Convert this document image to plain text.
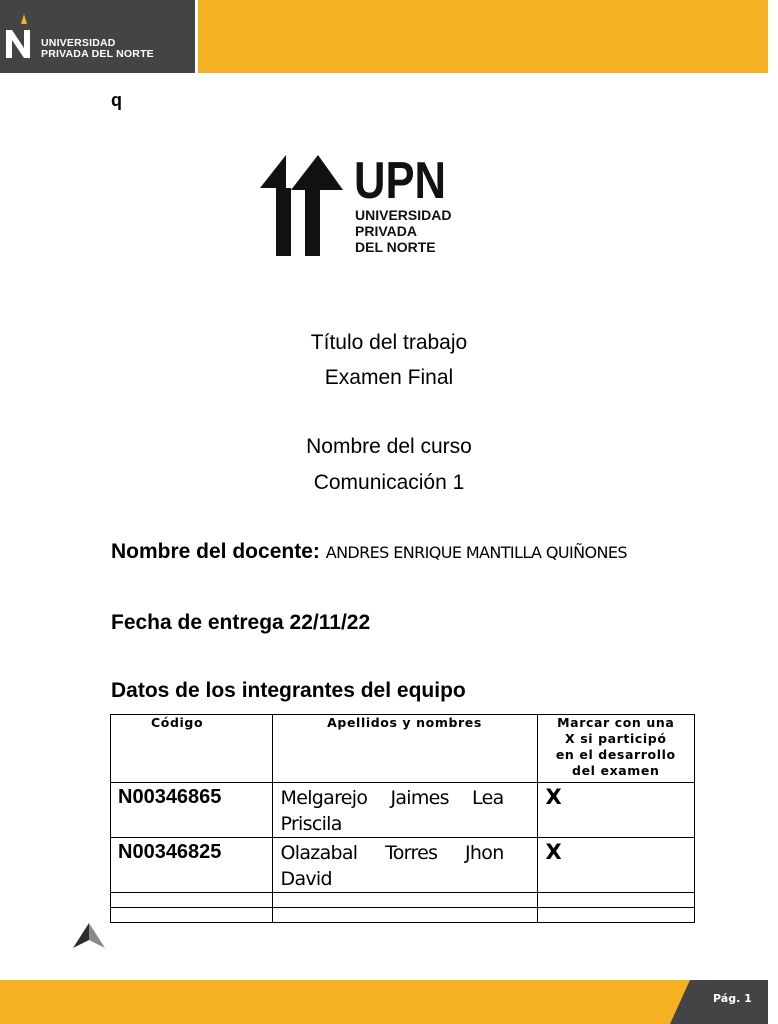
UNIVERSIDAD
PRIVADA DEL NORTE
q
UPN
UNIVERSIDAD
PRIVADA
DEL NORTE
Título del trabajo
Examen Final
Nombre del curso
Comunicación 1
Nombre del docente: ANDRES ENRIQUE MANTILLA QUIÑONES
Fecha de entrega 22/11/22
Datos de los integrantes del equipo
Código	Apellidos y nombres	Marcar con una
X si participó
en el desarrollo
del examen

N00346865	Melgarejo Jaimes Lea Priscila	X
N00346825	Olazabal Torres Jhon David	X

Pág. 1
